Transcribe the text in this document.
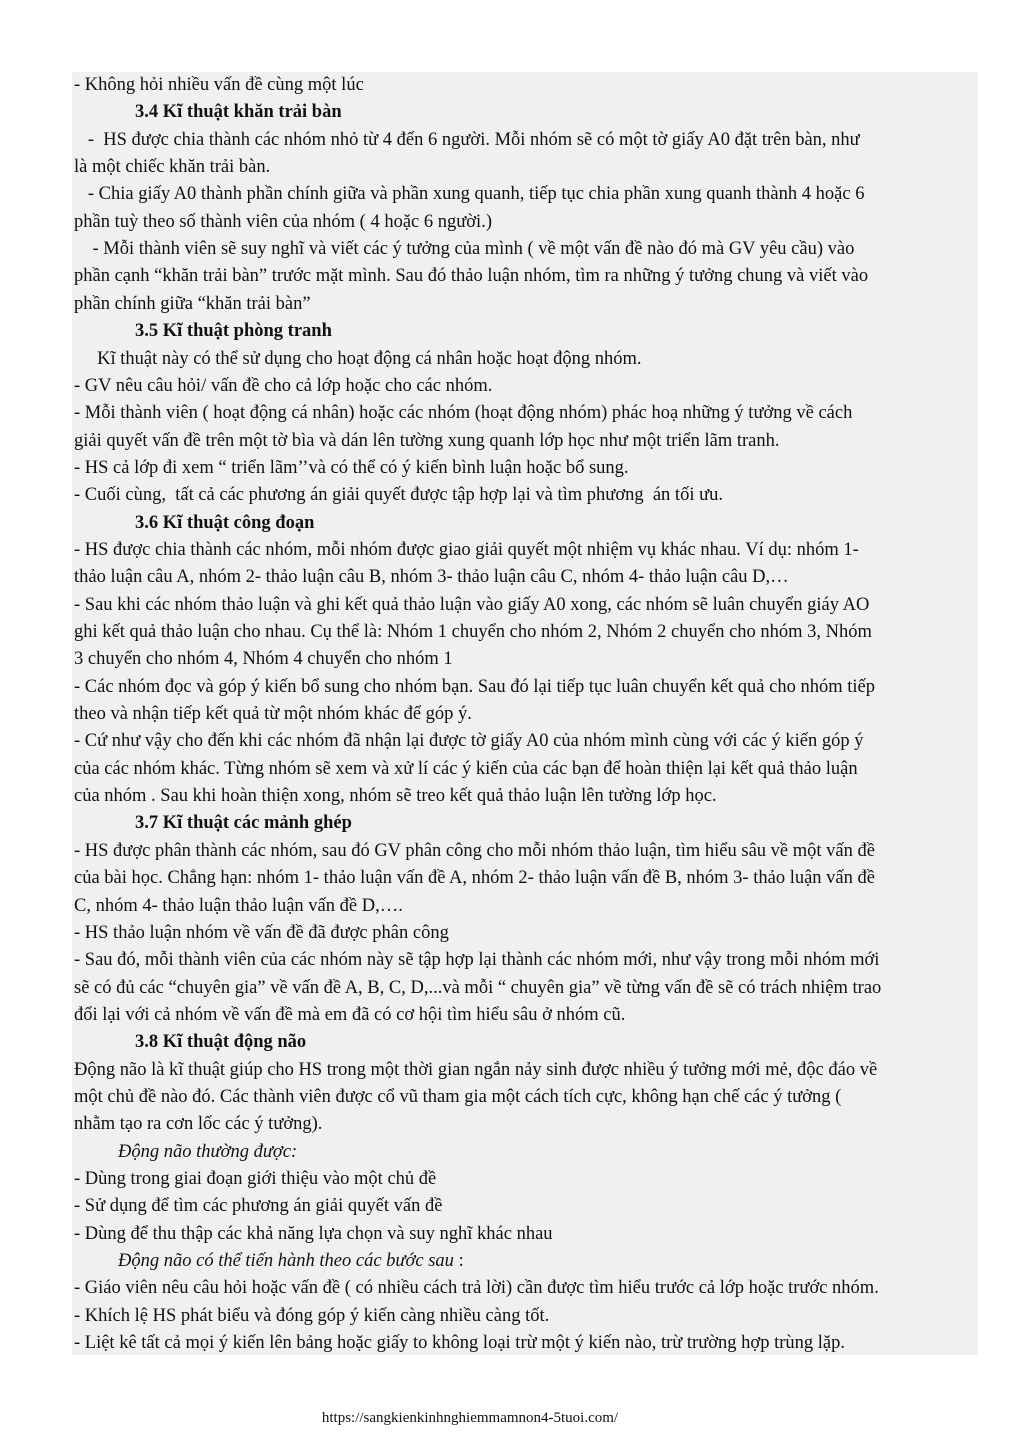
- Không hỏi nhiều vấn đề cùng một lúc
3.4 Kĩ thuật khăn trải bàn
-  HS được chia thành các nhóm nhỏ từ 4 đến 6 người. Mỗi nhóm sẽ có một tờ giấy A0 đặt trên bàn, như
là một chiếc khăn trải bàn.
- Chia giấy A0 thành phần chính giữa và phần xung quanh, tiếp tục chia phần xung quanh thành 4 hoặc 6
phần tuỳ theo số thành viên của nhóm ( 4 hoặc 6 người.)
- Mỗi thành viên sẽ suy nghĩ và viết các ý tưởng của mình ( về một vấn đề nào đó mà GV yêu cầu) vào
phần cạnh “khăn trải bàn” trước mặt mình. Sau đó thảo luận nhóm, tìm ra những ý tưởng chung và viết vào
phần chính giữa “khăn trải bàn”
3.5 Kĩ thuật phòng tranh
Kĩ thuật này có thể sử dụng cho hoạt động cá nhân hoặc hoạt động nhóm.
- GV nêu câu hỏi/ vấn đề cho cả lớp hoặc cho các nhóm.
- Mỗi thành viên ( hoạt động cá nhân) hoặc các nhóm (hoạt động nhóm) phác hoạ những ý tưởng về cách
giải quyết vấn đề trên một tờ bìa và dán lên tường xung quanh lớp học như một triển lãm tranh.
- HS cả lớp đi xem “ triển lãm’’và có thể có ý kiến bình luận hoặc bổ sung.
- Cuối cùng,  tất cả các phương án giải quyết được tập hợp lại và tìm phương  án tối ưu.
3.6 Kĩ thuật công đoạn
- HS được chia thành các nhóm, mỗi nhóm được giao giải quyết một nhiệm vụ khác nhau. Ví dụ: nhóm 1-
thảo luận câu A, nhóm 2- thảo luận câu B, nhóm 3- thảo luận câu C, nhóm 4- thảo luận câu D,…
- Sau khi các nhóm thảo luận và ghi kết quả thảo luận vào giấy A0 xong, các nhóm sẽ luân chuyển giáy AO
ghi kết quả thảo luận cho nhau. Cụ thể là: Nhóm 1 chuyển cho nhóm 2, Nhóm 2 chuyển cho nhóm 3, Nhóm
3 chuyển cho nhóm 4, Nhóm 4 chuyển cho nhóm 1
- Các nhóm đọc và góp ý kiến bổ sung cho nhóm bạn. Sau đó lại tiếp tục luân chuyển kết quả cho nhóm tiếp
theo và nhận tiếp kết quả từ một nhóm khác để góp ý.
- Cứ như vậy cho đến khi các nhóm đã nhận lại được tờ giấy A0 của nhóm mình cùng với các ý kiến góp ý
của các nhóm khác. Từng nhóm sẽ xem và xử lí các ý kiến của các bạn để hoàn thiện lại kết quả thảo luận
của nhóm . Sau khi hoàn thiện xong, nhóm sẽ treo kết quả thảo luận lên tường lớp học.
3.7 Kĩ thuật các mảnh ghép
- HS được phân thành các nhóm, sau đó GV phân công cho mỗi nhóm thảo luận, tìm hiểu sâu về một vấn đề
của bài học. Chẳng hạn: nhóm 1- thảo luận vấn đề A, nhóm 2- thảo luận vấn đề B, nhóm 3- thảo luận vấn đề
C, nhóm 4- thảo luận thảo luận vấn đề D,….
- HS thảo luận nhóm về vấn đề đã được phân công
- Sau đó, mỗi thành viên của các nhóm này sẽ tập hợp lại thành các nhóm mới, như vậy trong mỗi nhóm mới
sẽ có đủ các “chuyên gia” về vấn đề A, B, C, D,...và mỗi “ chuyên gia” về từng vấn đề sẽ có trách nhiệm trao
đổi lại với cả nhóm về vấn đề mà em đã có cơ hội tìm hiểu sâu ở nhóm cũ.
3.8 Kĩ thuật động não
Động não là kĩ thuật giúp cho HS trong một thời gian ngắn nảy sinh được nhiều ý tưởng mới mẻ, độc đáo về
một chủ đề nào đó. Các thành viên được cổ vũ tham gia một cách tích cực, không hạn chế các ý tưởng (
nhằm tạo ra cơn lốc các ý tưởng).
Động não thường được:
- Dùng trong giai đoạn giới thiệu vào một chủ đề
- Sử dụng để tìm các phương án giải quyết vấn đề
- Dùng để thu thập các khả năng lựa chọn và suy nghĩ khác nhau
Động não có thể tiến hành theo các bước sau :
- Giáo viên nêu câu hỏi hoặc vấn đề ( có nhiều cách trả lời) cần được tìm hiểu trước cả lớp hoặc trước nhóm.
- Khích lệ HS phát biểu và đóng góp ý kiến càng nhiều càng tốt.
- Liệt kê tất cả mọi ý kiến lên bảng hoặc giấy to không loại trừ một ý kiến nào, trừ trường hợp trùng lặp.
https://sangkienkinhnghiemmamnon4-5tuoi.com/
